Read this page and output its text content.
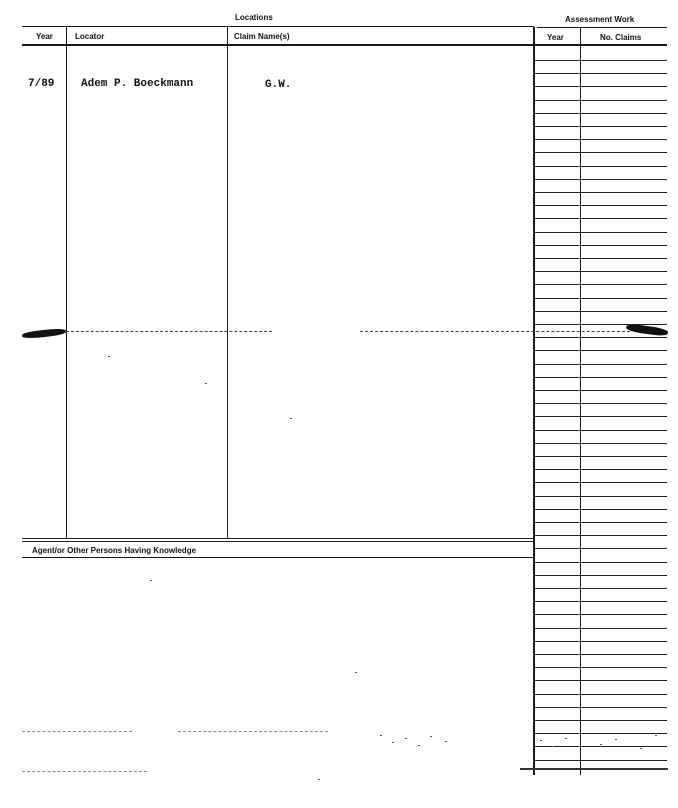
Locations	Assessment Work
Year	Locator	Claim Name(s)	Year	No. Claims
7/89 Adem P. Boeckmann	G.W.
Agent/or Other Persons Having Knowledge
